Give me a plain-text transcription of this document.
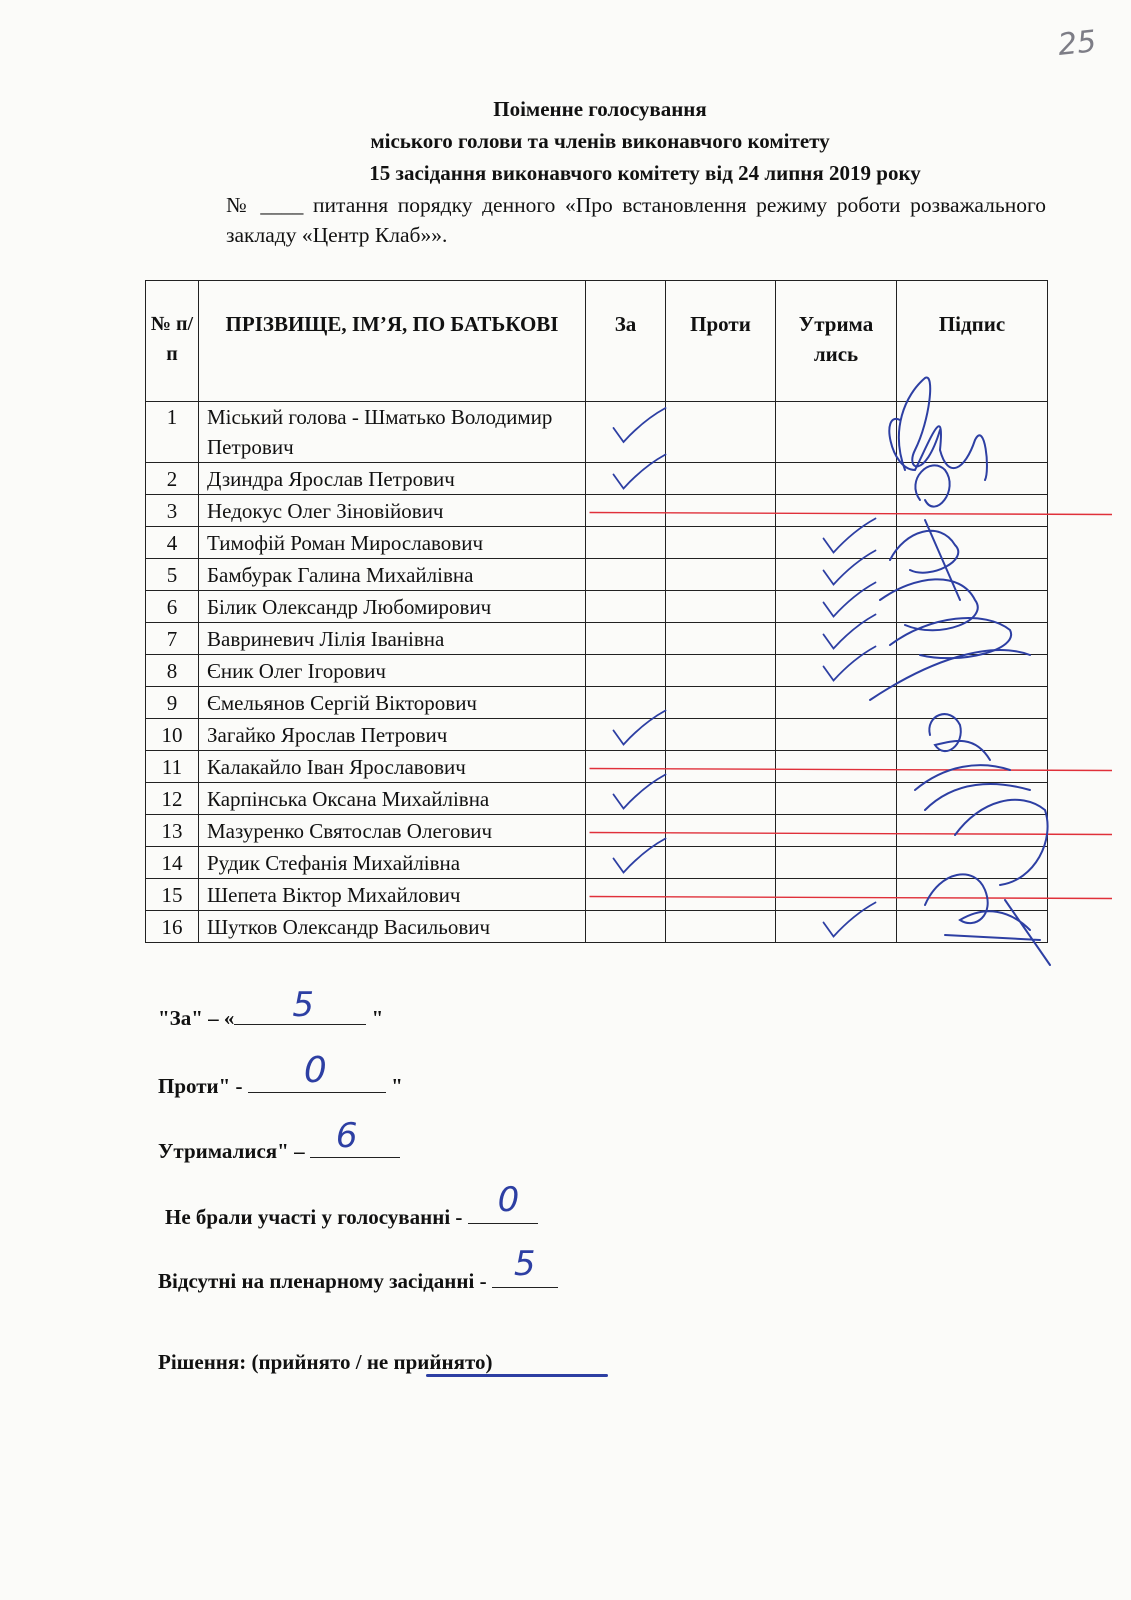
25
Поіменне голосування
міського голови та членів виконавчого комітету
15 засідання виконавчого комітету від 24 липня 2019 року
№ ____ питання порядку денного «Про встановлення режиму роботи розважального закладу «Центр Клаб»».
№ п/п	ПРІЗВИЩЕ, ІМ’Я, ПО БАТЬКОВІ	За	Проти	Утрима лись	Підпис
1	Міський голова - Шматько Володимир Петрович				
2	Дзиндра Ярослав Петрович				
3	Недокус Олег Зіновійович				
4	Тимофій Роман Мирославович				
5	Бамбурак Галина Михайлівна				
6	Білик Олександр Любомирович				
7	Вавриневич Лілія Іванівна				
8	Єник Олег Ігорович				
9	Ємельянов Сергій Вікторович				
10	Загайко Ярослав Петрович				
11	Калакайло Іван Ярославович				
12	Карпінська Оксана Михайлівна				
13	Мазуренко Святослав Олегович				
14	Рудик Стефанія Михайлівна				
15	Шепета Віктор Михайлович				
16	Шутков Олександр Васильович				
"За" – « 5 "
Проти" - 0	"
Утрималися" – 6
Не брали участі у голосуванні - 0
Відсутні на пленарному засіданні - 5
Рішення: (прийнято / не прийнято)
